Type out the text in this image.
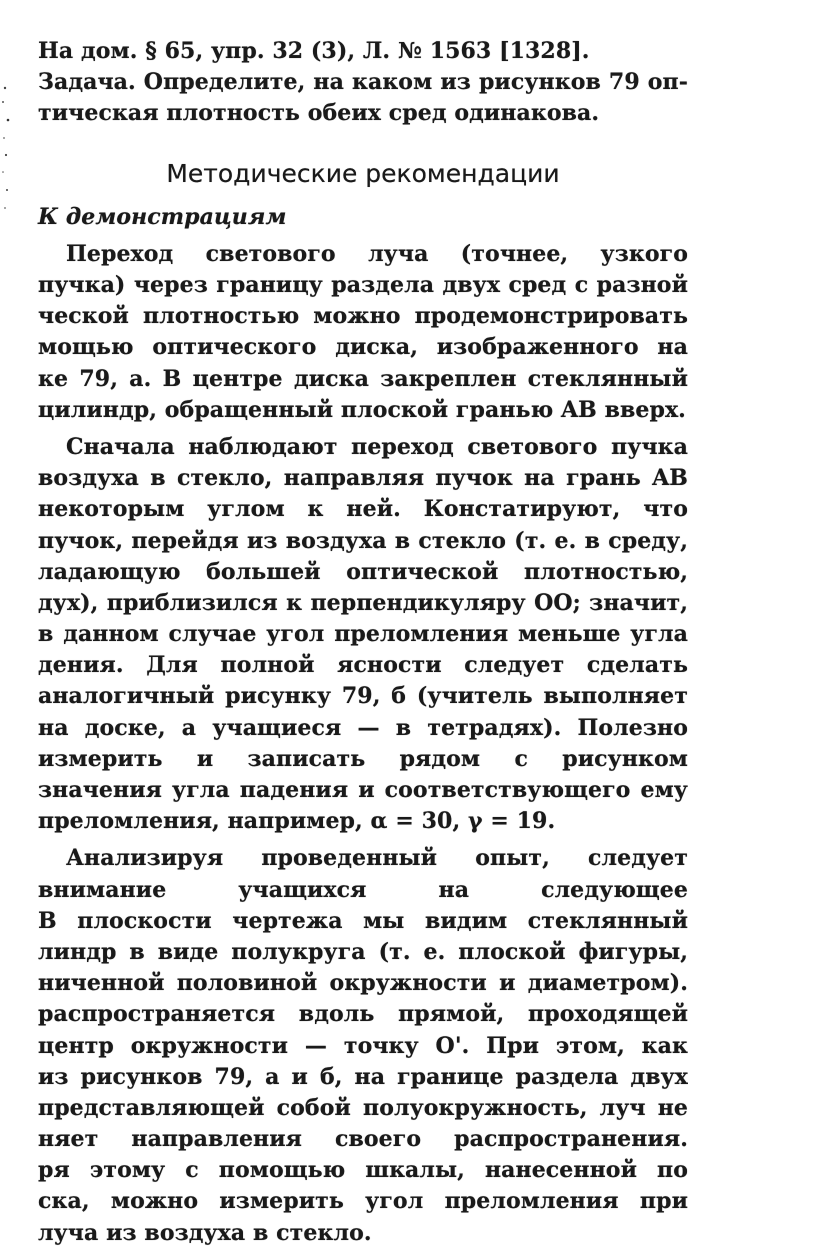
На дом. § 65, упр. 32 (3), Л. № 1563 [1328].
Задача. Определите, на каком из рисунков 79 оп-
тическая плотность обеих сред одинакова.
Методические рекомендации
К демонстрациям
Переход светового луча (точнее, узкого
пучка) через границу раздела двух сред с разной
ческой плотностью можно продемонстрировать
мощью оптического диска, изображенного на
ке 79, а. В центре диска закреплен стеклянный
цилиндр, обращенный плоской гранью AB вверх.
Сначала наблюдают переход светового пучка
воздуха в стекло, направляя пучок на грань AB
некоторым углом к ней. Констатируют, что
пучок, перейдя из воздуха в стекло (т. е. в среду,
ладающую большей оптической плотностью,
дух), приблизился к перпендикуляру OO; значит,
в данном случае угол преломления меньше угла
дения. Для полной ясности следует сделать
аналогичный рисунку 79, б (учитель выполняет
на доске, а учащиеся — в тетрадях). Полезно
измерить и записать рядом с рисунком
значения угла падения и соответствующего ему
преломления, например, α = 30, γ = 19.
Анализируя проведенный опыт, следует
внимание учащихся на следующее
В плоскости чертежа мы видим стеклянный
линдр в виде полукруга (т. е. плоской фигуры,
ниченной половиной окружности и диаметром).
распространяется вдоль прямой, проходящей
центр окружности — точку O'. При этом, как
из рисунков 79, а и б, на границе раздела двух
представляющей собой полуокружность, луч не
няет направления своего распространения.
ря этому с помощью шкалы, нанесенной по
ска, можно измерить угол преломления при
луча из воздуха в стекло.
